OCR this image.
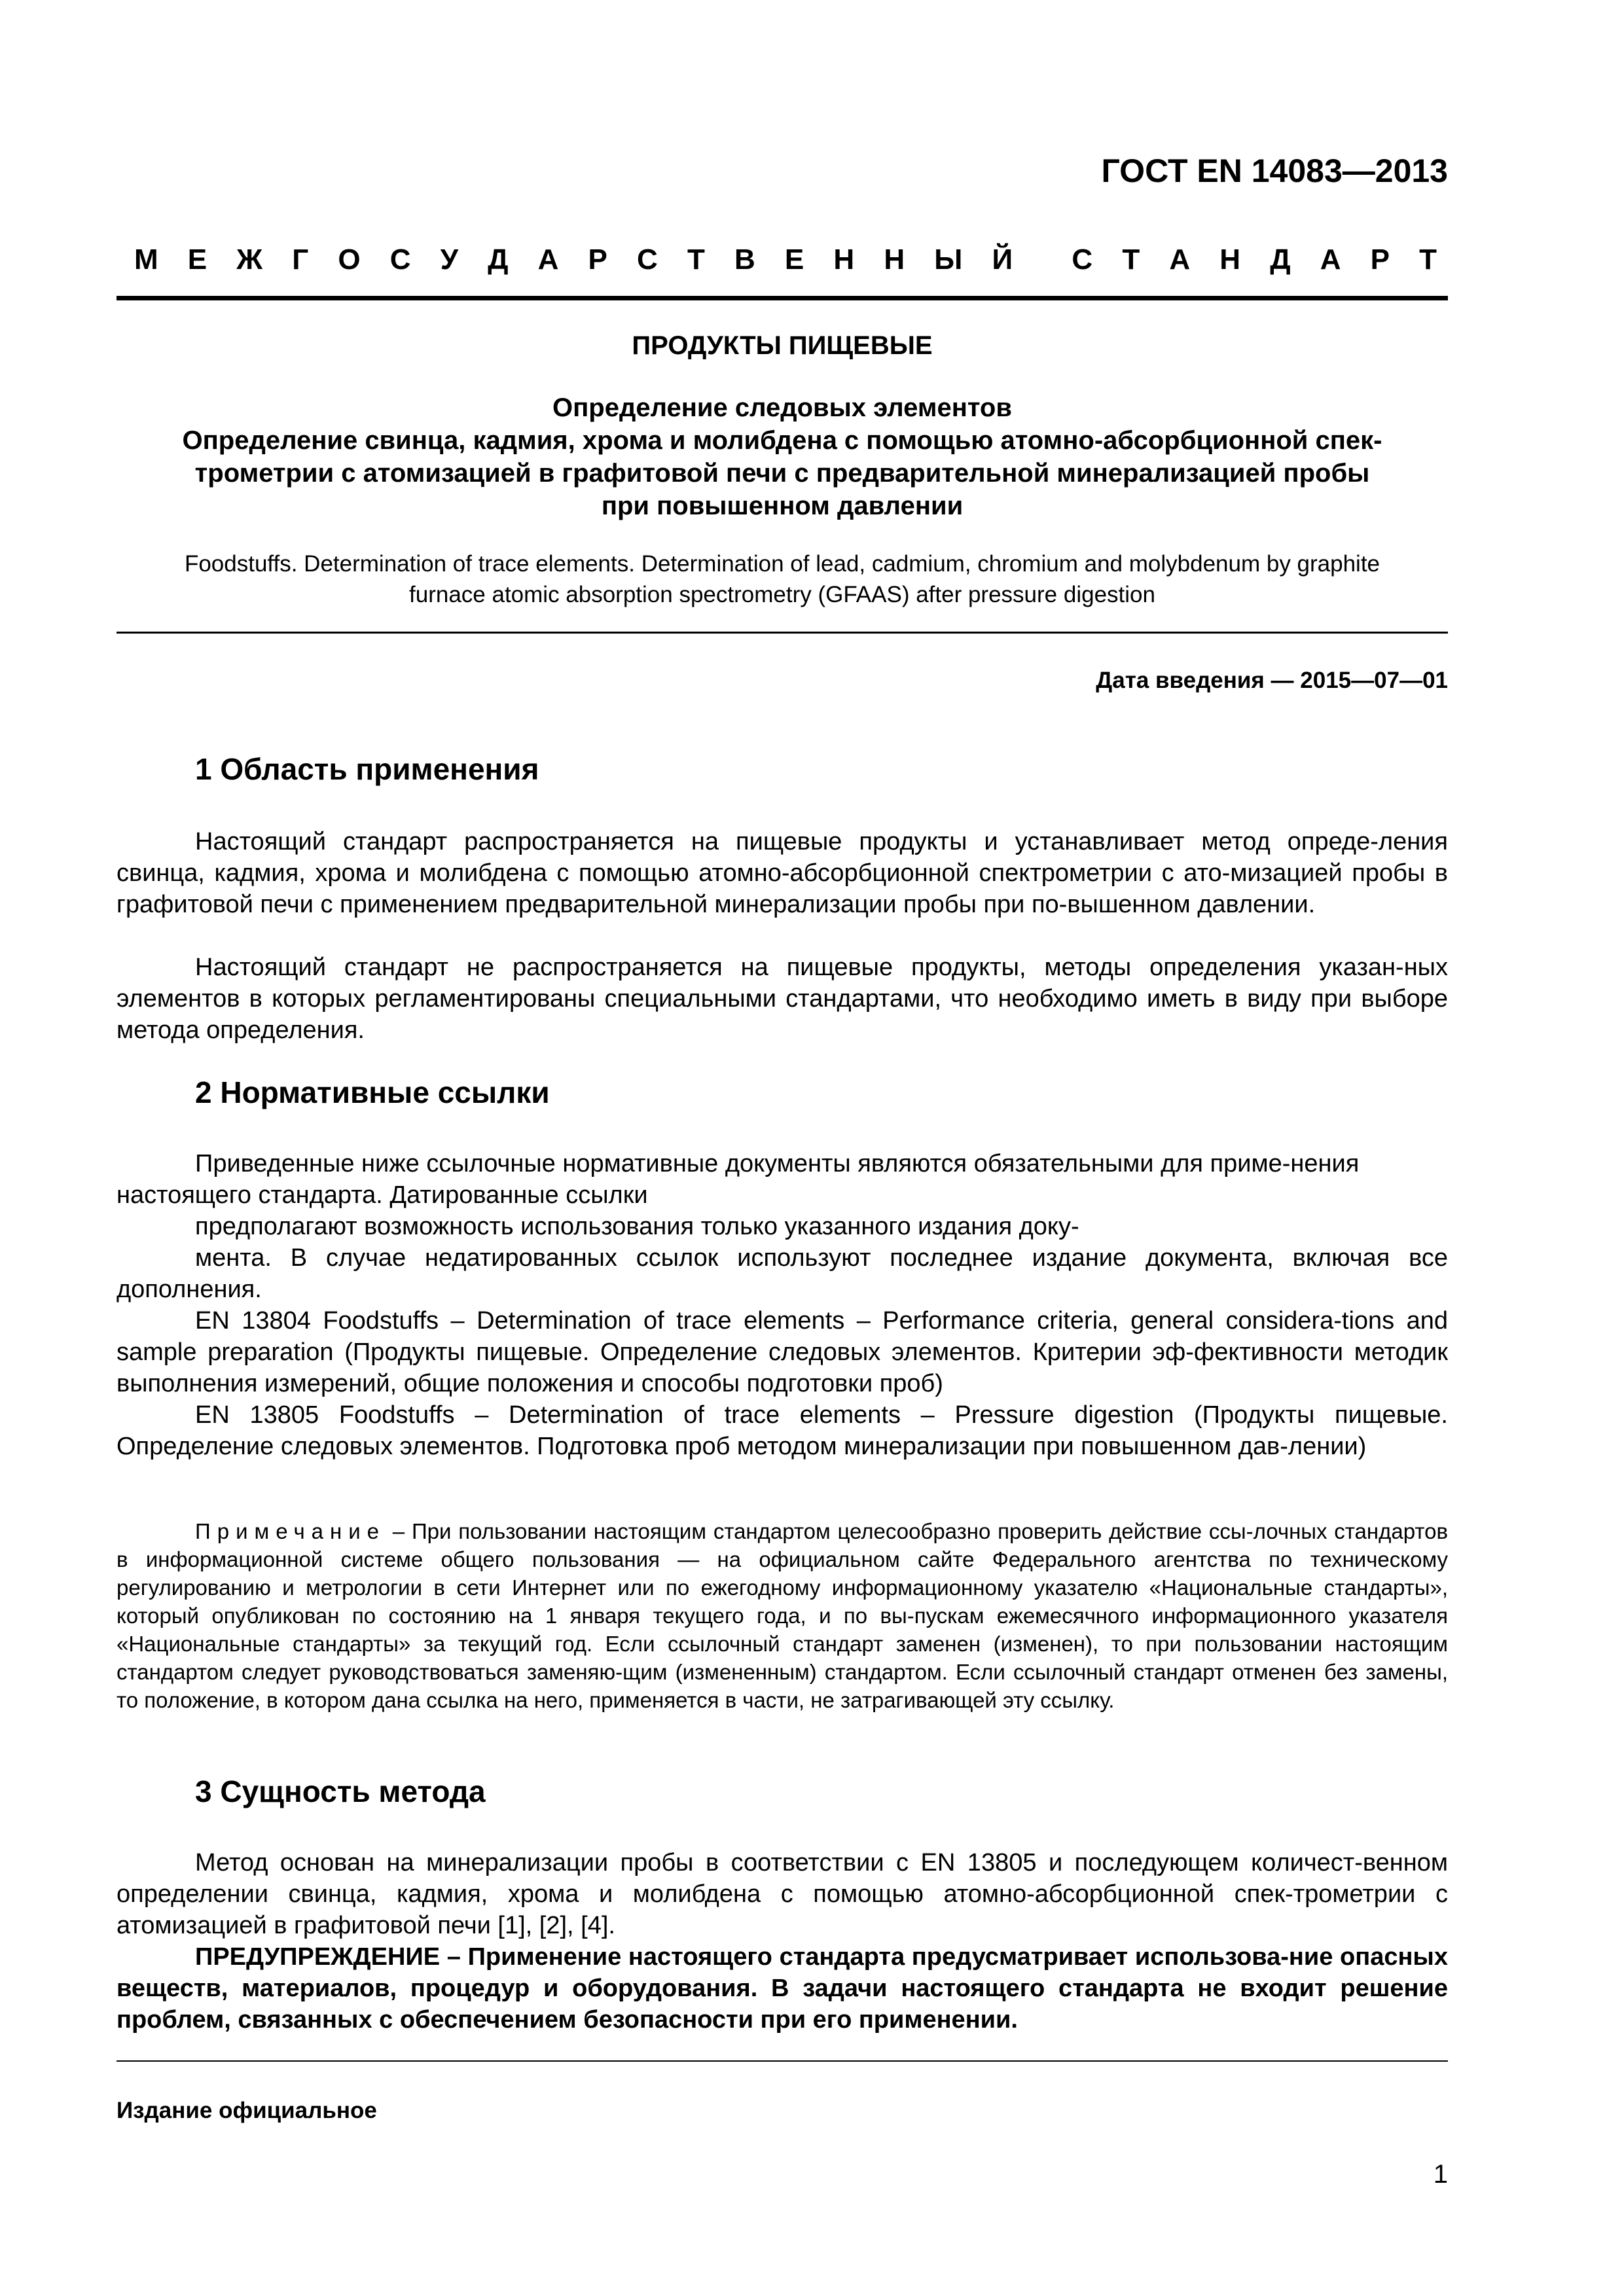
ГОСТ EN 14083—2013
М Е Ж Г О С У Д А Р С Т В Е Н Н Ы Й С Т А Н Д А Р Т
ПРОДУКТЫ ПИЩЕВЫЕ
Определение следовых элементов
Определение свинца, кадмия, хрома и молибдена с помощью атомно-абсорбционной спек-
трометрии с атомизацией в графитовой печи с предварительной минерализацией пробы
при повышенном давлении
Foodstuffs. Determination of trace elements. Determination of lead, cadmium, chromium and molybdenum by graphite
furnace atomic absorption spectrometry (GFAAS) after pressure digestion
Дата введения — 2015—07—01
1 Область применения

Настоящий стандарт распространяется на пищевые продукты и устанавливает метод опреде-ления свинца, кадмия, хрома и молибдена с помощью атомно-абсорбционной спектрометрии с ато-мизацией пробы в графитовой печи с применением предварительной минерализации пробы при по-вышенном давлении.

Настоящий стандарт не распространяется на пищевые продукты, методы определения указан-ных элементов в которых регламентированы специальными стандартами, что необходимо иметь в виду при выборе метода определения.

2 Нормативные ссылки

Приведенные ниже ссылочные нормативные документы являются обязательными для приме-нения настоящего стандарта. Датированные ссылки

предполагают возможность использования только указанного издания доку-

мента. В случае недатированных ссылок используют последнее издание документа, включая все дополнения.

EN 13804 Foodstuffs – Determination of trace elements – Performance criteria, general considera-tions and sample preparation (Продукты пищевые. Определение следовых элементов. Критерии эф-фективности методик выполнения измерений, общие положения и способы подготовки проб)

EN 13805 Foodstuffs – Determination of trace elements – Pressure digestion (Продукты пищевые. Определение следовых элементов. Подготовка проб методом минерализации при повышенном дав-лении)

Примечание – При пользовании настоящим стандартом целесообразно проверить действие ссы-лочных стандартов в информационной системе общего пользования — на официальном сайте Федерального агентства по техническому регулированию и метрологии в сети Интернет или по ежегодному информационному указателю «Национальные стандарты», который опубликован по состоянию на 1 января текущего года, и по вы-пускам ежемесячного информационного указателя «Национальные стандарты» за текущий год. Если ссылочный стандарт заменен (изменен), то при пользовании настоящим стандартом следует руководствоваться заменяю-щим (измененным) стандартом. Если ссылочный стандарт отменен без замены, то положение, в котором дана ссылка на него, применяется в части, не затрагивающей эту ссылку.

3 Сущность метода

Метод основан на минерализации пробы в соответствии с EN 13805 и последующем количест-венном определении свинца, кадмия, хрома и молибдена с помощью атомно-абсорбционной спек-трометрии с атомизацией в графитовой печи [1], [2], [4].

ПРЕДУПРЕЖДЕНИЕ – Применение настоящего стандарта предусматривает использова-ние опасных веществ, материалов, процедур и оборудования. В задачи настоящего стандарта не входит решение проблем, связанных с обеспечением безопасности при его применении.

Издание официальное
1
